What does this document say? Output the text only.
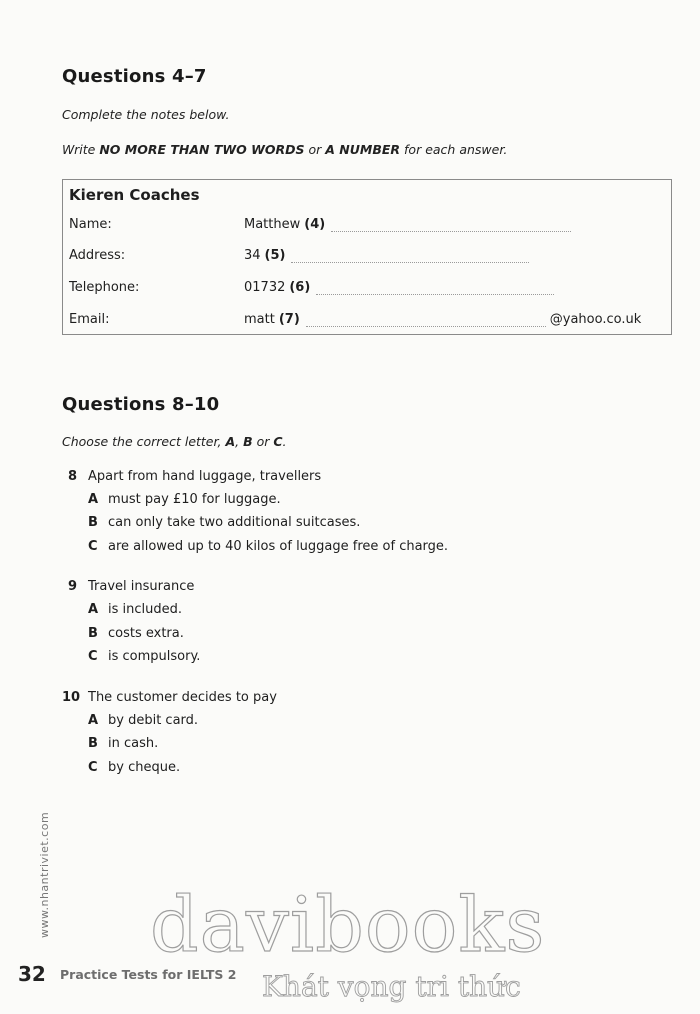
Questions 4–7
Complete the notes below.
Write NO MORE THAN TWO WORDS or A NUMBER for each answer.
Kieren Coaches
Name:	Matthew (4)
Address:	34 (5)
Telephone:	01732 (6)
Email:	matt (7)	@yahoo.co.uk
Questions 8–10
Choose the correct letter, A, B or C.
8 Apart from hand luggage, travellers
A must pay £10 for luggage.
B can only take two additional suitcases.
C are allowed up to 40 kilos of luggage free of charge.
9 Travel insurance
A is included.
B costs extra.
C is compulsory.
10 The customer decides to pay
A by debit card.
B in cash.
C by cheque.
www.nhantriviet.com davibooks
Khát vọng tri thức
32 Practice Tests for IELTS 2
